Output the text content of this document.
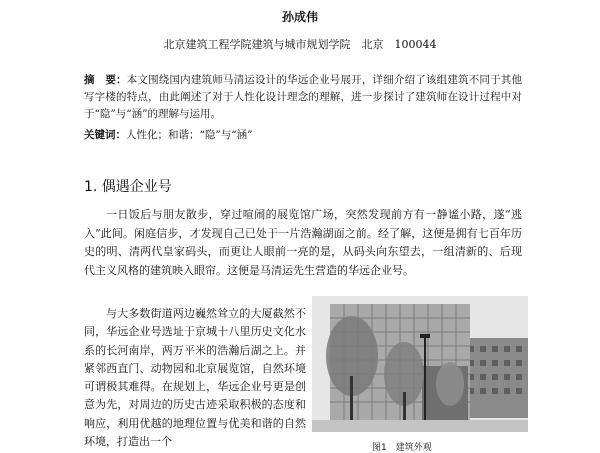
孙成伟
北京建筑工程学院建筑与城市规划学院　北京　100044

摘　要：本文围绕国内建筑师马清运设计的华远企业号展开，详细介绍了该组建筑不同于其他写字楼的特点，由此阐述了对于人性化设计理念的理解，进一步探讨了建筑师在设计过程中对于“隐”与“涵”的理解与运用。

关键词：人性化；和谐；“隐”与“涵”

1. 偶遇企业号

一日饭后与朋友散步，穿过喧闹的展览馆广场，突然发现前方有一静谧小路，遂“逃入”此间。闲庭信步，才发现自己已处于一片浩瀚湖面之前。经了解，这便是拥有七百年历史的明、清两代皇家码头，而更让人眼前一亮的是，从码头向东望去，一组清新的、后现代主义风格的建筑映入眼帘。这便是马清运先生营造的华远企业号。

与大多数街道两边巍然耸立的大厦截然不同，华远企业号选址于京城十八里历史文化水系的长河南岸，两万平米的浩瀚后湖之上。并紧邻西直门、动物园和北京展览馆，自然环境可谓极其难得。在规划上，华远企业号更是创意为先，对周边的历史古迹采取积极的态度和响应，利用优越的地理位置与优美和谐的自然环境，打造出一个	图1　建筑外观
